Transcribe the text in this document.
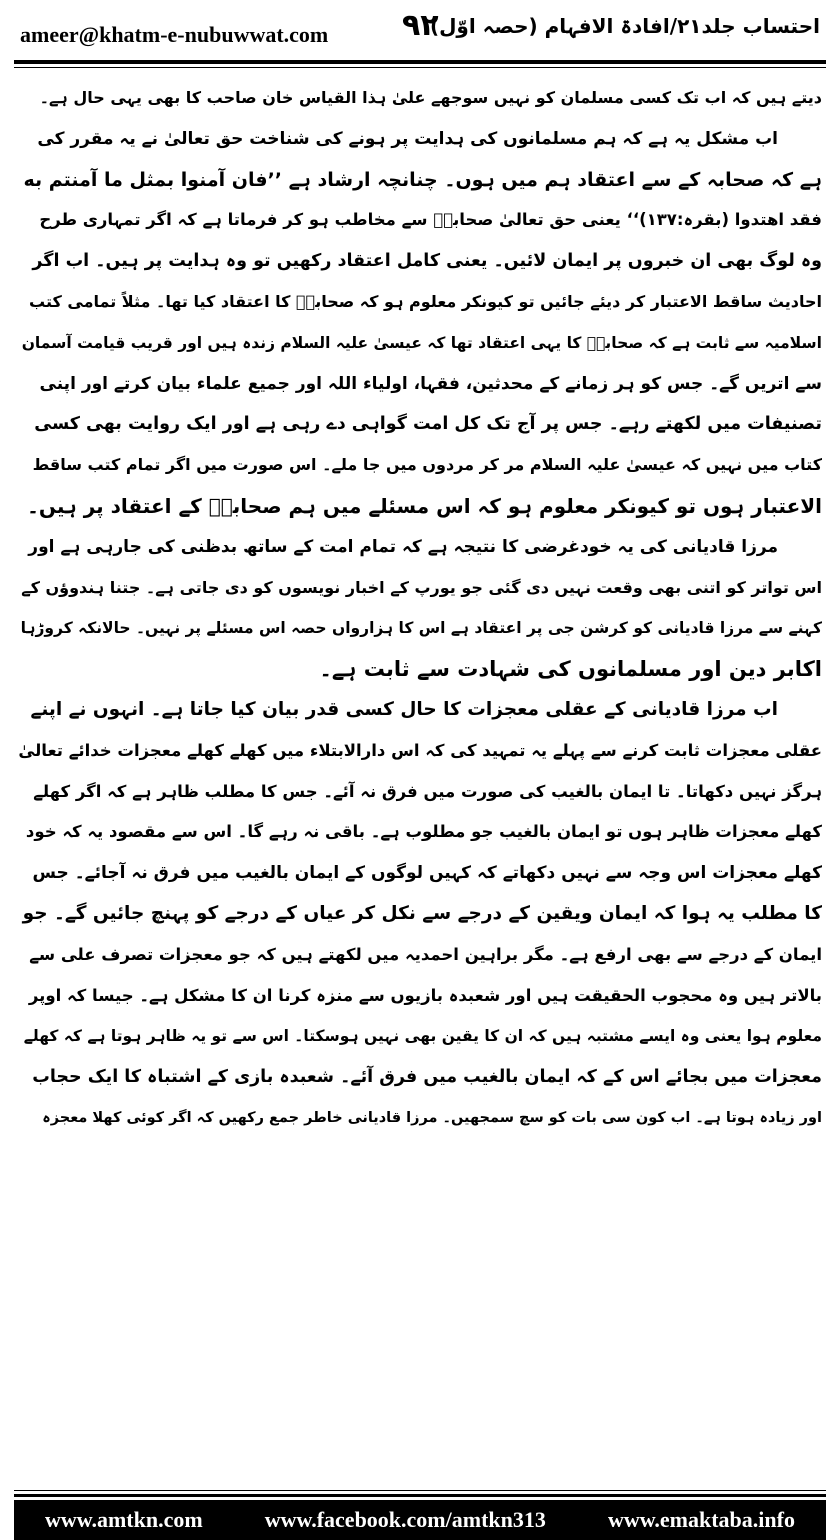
ameer@khatm-e-nubuwwat.com ۹۲
احتساب جلد۲۱/افادۃ الافہام (حصہ اوّل)
دیتے ہیں کہ اب تک کسی مسلمان کو نہیں سوجھے علیٰ ہذا القیاس خان صاحب کا بھی یہی حال ہے۔
اب مشکل یہ ہے کہ ہم مسلمانوں کی ہدایت پر ہونے کی شناخت حق تعالیٰ نے یہ مقرر کی
ہے کہ صحابہ کے سے اعتقاد ہم میں ہوں۔ چنانچہ ارشاد ہے ’’فان آمنوا بمثل ما آمنتم به
فقد اھتدوا (بقرہ:۱۳۷)‘‘ یعنی حق تعالیٰ صحابہؓ سے مخاطب ہو کر فرماتا ہے کہ اگر تمہاری طرح
وہ لوگ بھی ان خبروں پر ایمان لائیں۔ یعنی کامل اعتقاد رکھیں تو وہ ہدایت پر ہیں۔ اب اگر
احادیث ساقط الاعتبار کر دیئے جائیں تو کیونکر معلوم ہو کہ صحابہؓ کا اعتقاد کیا تھا۔ مثلاً تمامی کتب
اسلامیہ سے ثابت ہے کہ صحابہؓ کا یہی اعتقاد تھا کہ عیسیٰ علیہ السلام زندہ ہیں اور قریب قیامت آسمان
سے اتریں گے۔ جس کو ہر زمانے کے محدثین، فقہا، اولیاء اللہ اور جمیع علماء بیان کرتے اور اپنی
تصنیفات میں لکھتے رہے۔ جس پر آج تک کل امت گواہی دے رہی ہے اور ایک روایت بھی کسی
کتاب میں نہیں کہ عیسیٰ علیہ السلام مر کر مردوں میں جا ملے۔ اس صورت میں اگر تمام کتب ساقط
الاعتبار ہوں تو کیونکر معلوم ہو کہ اس مسئلے میں ہم صحابہؓ کے اعتقاد پر ہیں۔
مرزا قادیانی کی یہ خودغرضی کا نتیجہ ہے کہ تمام امت کے ساتھ بدظنی کی جارہی ہے اور
اس تواتر کو اتنی بھی وقعت نہیں دی گئی جو یورپ کے اخبار نویسوں کو دی جاتی ہے۔ جتنا ہندوؤں کے
کہنے سے مرزا قادیانی کو کرشن جی پر اعتقاد ہے اس کا ہزارواں حصہ اس مسئلے پر نہیں۔ حالانکہ کروڑہا
اکابر دین اور مسلمانوں کی شہادت سے ثابت ہے۔
اب مرزا قادیانی کے عقلی معجزات کا حال کسی قدر بیان کیا جاتا ہے۔ انہوں نے اپنے
عقلی معجزات ثابت کرنے سے پہلے یہ تمہید کی کہ اس دارالابتلاء میں کھلے کھلے معجزات خدائے تعالیٰ
ہرگز نہیں دکھاتا۔ تا ایمان بالغیب کی صورت میں فرق نہ آئے۔ جس کا مطلب ظاہر ہے کہ اگر کھلے
کھلے معجزات ظاہر ہوں تو ایمان بالغیب جو مطلوب ہے۔ باقی نہ رہے گا۔ اس سے مقصود یہ کہ خود
کھلے معجزات اس وجہ سے نہیں دکھاتے کہ کہیں لوگوں کے ایمان بالغیب میں فرق نہ آجائے۔ جس
کا مطلب یہ ہوا کہ ایمان ویقین کے درجے سے نکل کر عیاں کے درجے کو پہنچ جائیں گے۔ جو
ایمان کے درجے سے بھی ارفع ہے۔ مگر براہین احمدیہ میں لکھتے ہیں کہ جو معجزات تصرف علی سے
بالاتر ہیں وہ محجوب الحقیقت ہیں اور شعبدہ بازیوں سے منزہ کرنا ان کا مشکل ہے۔ جیسا کہ اوپر
معلوم ہوا یعنی وہ ایسے مشتبہ ہیں کہ ان کا یقین بھی نہیں ہوسکتا۔ اس سے تو یہ ظاہر ہوتا ہے کہ کھلے
معجزات میں بجائے اس کے کہ ایمان بالغیب میں فرق آئے۔ شعبدہ بازی کے اشتباہ کا ایک حجاب
اور زیادہ ہوتا ہے۔ اب کون سی بات کو سچ سمجھیں۔ مرزا قادیانی خاطر جمع رکھیں کہ اگر کوئی کھلا معجزہ
www.amtkn.com	www.facebook.com/amtkn313	www.emaktaba.info
